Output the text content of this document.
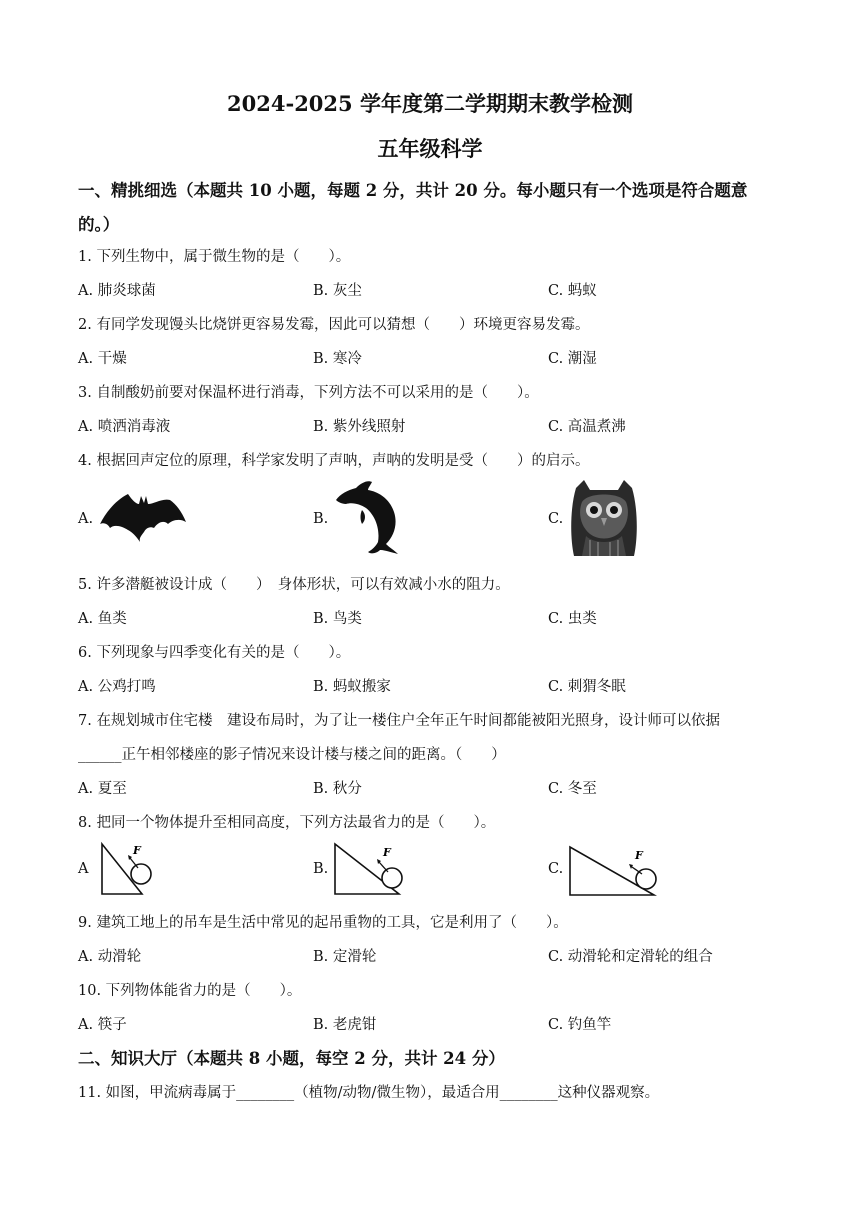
2024-2025 学年度第二学期期末教学检测
五年级科学
一、精挑细选（本题共 10 小题，每题 2 分，共计 20 分。每小题只有一个选项是符合题意
的。）
1. 下列生物中，属于微生物的是（　　）。
A. 肺炎球菌	B. 灰尘	C. 蚂蚁
2. 有同学发现馒头比烧饼更容易发霉，因此可以猜想（　　）环境更容易发霉。
A. 干燥	B. 寒冷	C. 潮湿
3. 自制酸奶前要对保温杯进行消毒，下列方法不可以采用的是（　　）。
A. 喷洒消毒液	B. 紫外线照射	C. 高温煮沸
4. 根据回声定位的原理，科学家发明了声呐，声呐的发明是受（　　）的启示。
A.	B.	C.
5. 许多潜艇被设计成（　　）　身体形状，可以有效减小水的阻力。
A. 鱼类	B. 鸟类	C. 虫类
6. 下列现象与四季变化有关的是（　　）。
A. 公鸡打鸣	B. 蚂蚁搬家	C. 刺猬冬眠
7. 在规划城市住宅楼　建设布局时，为了让一楼住户全年正午时间都能被阳光照身，设计师可以依据
______正午相邻楼座的影子情况来设计楼与楼之间的距离。（　　）
A. 夏至	B. 秋分	C. 冬至
8. 把同一个物体提升至相同高度，下列方法最省力的是（　　）。
A
F
B.
F
C.
F
9. 建筑工地上的吊车是生活中常见的起吊重物的工具，它是利用了（　　）。
A. 动滑轮	B. 定滑轮	C. 动滑轮和定滑轮的组合
10. 下列物体能省力的是（　　）。
A. 筷子	B. 老虎钳	C. 钓鱼竿
二、知识大厅（本题共 8 小题，每空 2 分，共计 24 分）
11. 如图，甲流病毒属于________（植物/动物/微生物），最适合用________这种仪器观察。
